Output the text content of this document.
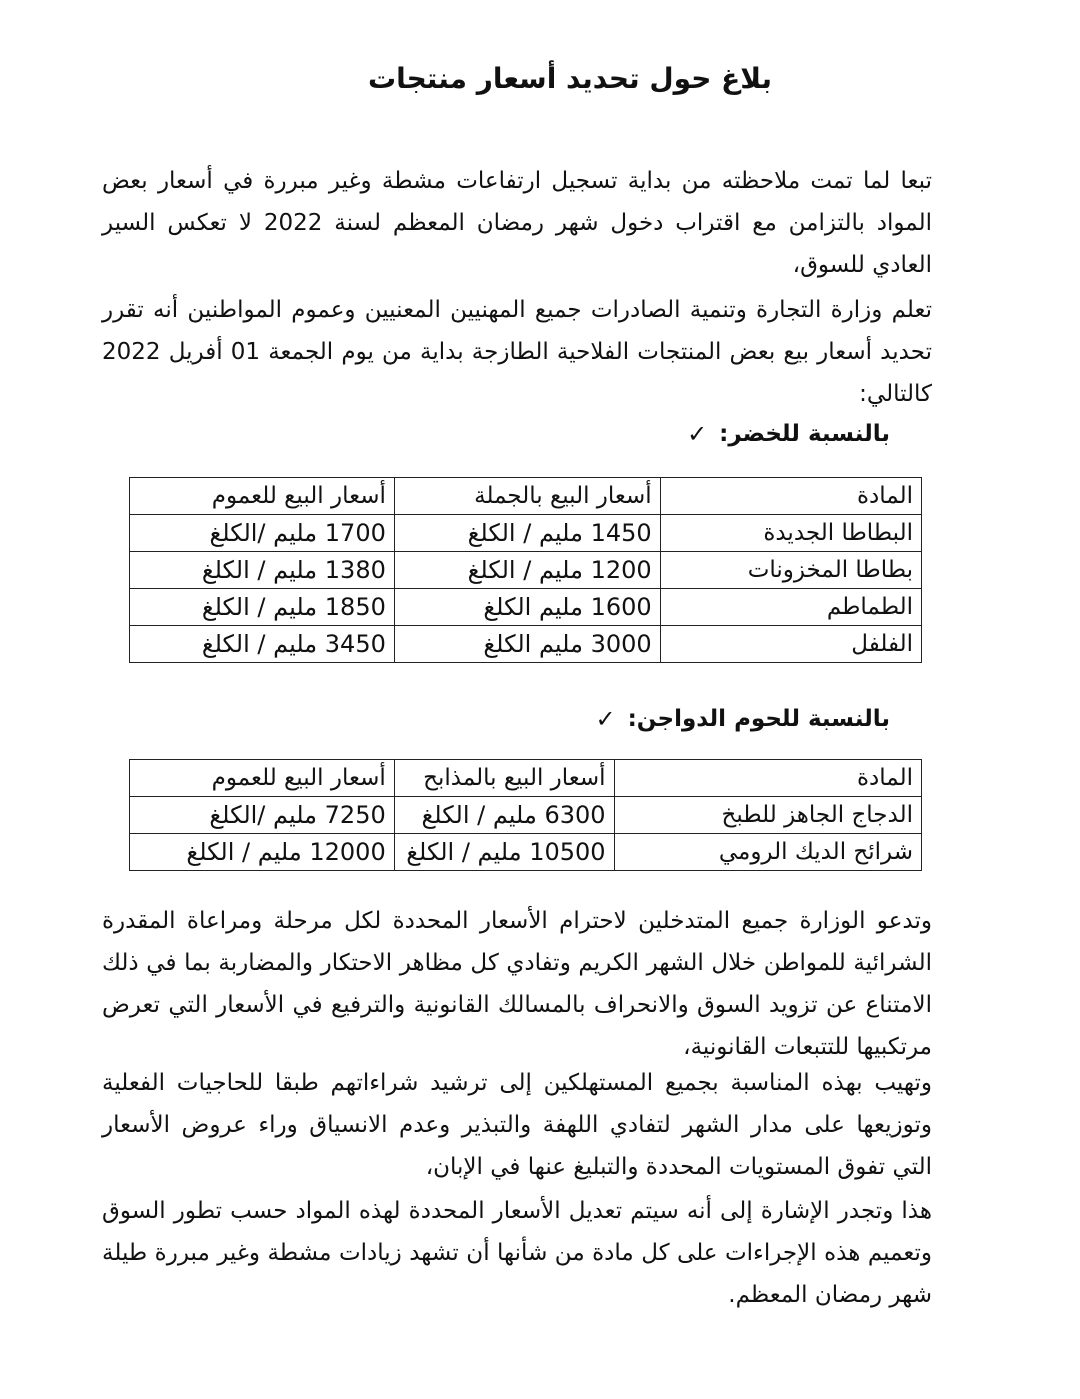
بلاغ حول تحديد أسعار منتجات

تبعا لما تمت ملاحظته من بداية تسجيل ارتفاعات مشطة وغير مبررة في أسعار بعض المواد بالتزامن مع اقتراب دخول شهر رمضان المعظم لسنة 2022 لا تعكس السير العادي للسوق،

تعلم وزارة التجارة وتنمية الصادرات جميع المهنيين المعنيين وعموم المواطنين أنه تقرر تحديد أسعار بيع بعض المنتجات الفلاحية الطازجة بداية من يوم الجمعة 01 أفريل 2022 كالتالي:

بالنسبة للخضر:
✓
المادة	أسعار البيع بالجملة	أسعار البيع للعموم
البطاطا الجديدة	1450 مليم / الكلغ	1700 مليم /الكلغ
بطاطا المخزونات	1200 مليم / الكلغ	1380 مليم / الكلغ
الطماطم	1600 مليم الكلغ	1850 مليم / الكلغ
الفلفل	3000 مليم الكلغ	3450 مليم / الكلغ
بالنسبة للحوم الدواجن:
✓
المادة	أسعار البيع بالمذابح	أسعار البيع للعموم
الدجاج الجاهز للطبخ	6300 مليم / الكلغ	7250 مليم /الكلغ
شرائح الديك الرومي	10500 مليم / الكلغ	12000 مليم / الكلغ

وتدعو الوزارة جميع المتدخلين لاحترام الأسعار المحددة لكل مرحلة ومراعاة المقدرة الشرائية للمواطن خلال الشهر الكريم وتفادي كل مظاهر الاحتكار والمضاربة بما في ذلك الامتناع عن تزويد السوق والانحراف بالمسالك القانونية والترفيع في الأسعار التي تعرض مرتكبيها للتتبعات القانونية،

وتهيب بهذه المناسبة بجميع المستهلكين إلى ترشيد شراءاتهم طبقا للحاجيات الفعلية وتوزيعها على مدار الشهر لتفادي اللهفة والتبذير وعدم الانسياق وراء عروض الأسعار التي تفوق المستويات المحددة والتبليغ عنها في الإبان،

هذا وتجدر الإشارة إلى أنه سيتم تعديل الأسعار المحددة لهذه المواد حسب تطور السوق وتعميم هذه الإجراءات على كل مادة من شأنها أن تشهد زيادات مشطة وغير مبررة طيلة شهر رمضان المعظم.
